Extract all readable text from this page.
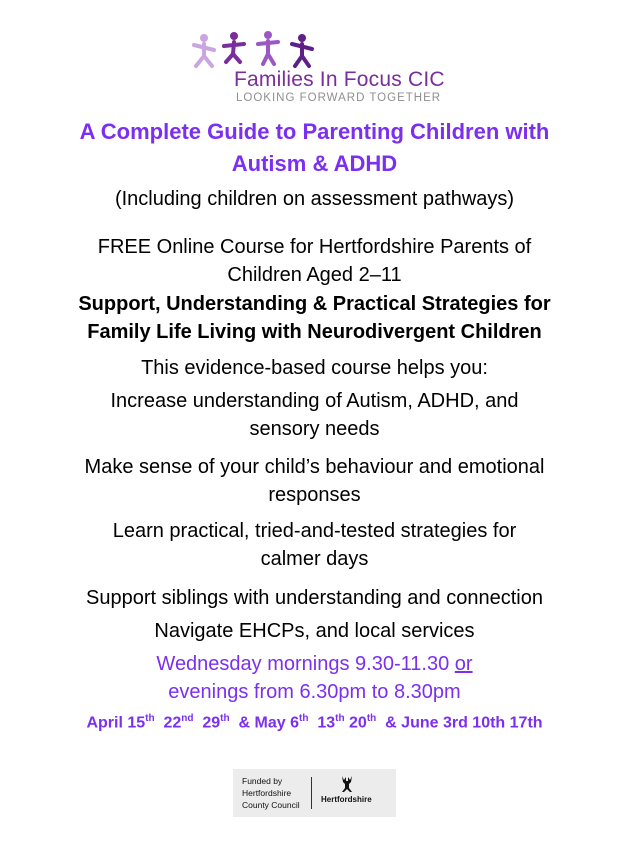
Families In Focus CIC
LOOKING FORWARD TOGETHER
A Complete Guide to Parenting Children with
Autism & ADHD
(Including children on assessment pathways)
FREE Online Course for Hertfordshire Parents of
Children Aged 2–11
Support, Understanding & Practical Strategies for
Family Life Living with Neurodivergent Children
This evidence-based course helps you:
Increase understanding of Autism, ADHD, and
sensory needs
Make sense of your child’s behaviour and emotional
responses
Learn practical, tried-and-tested strategies for
calmer days
Support siblings with understanding and connection
Navigate EHCPs, and local services
Wednesday mornings 9.30-11.30 or
evenings from 6.30pm to 8.30pm
April 15th 22nd 29th & May 6th 13th 20th & June 3rd 10th 17th
Funded by
Hertfordshire
County Council
Hertfordshire
